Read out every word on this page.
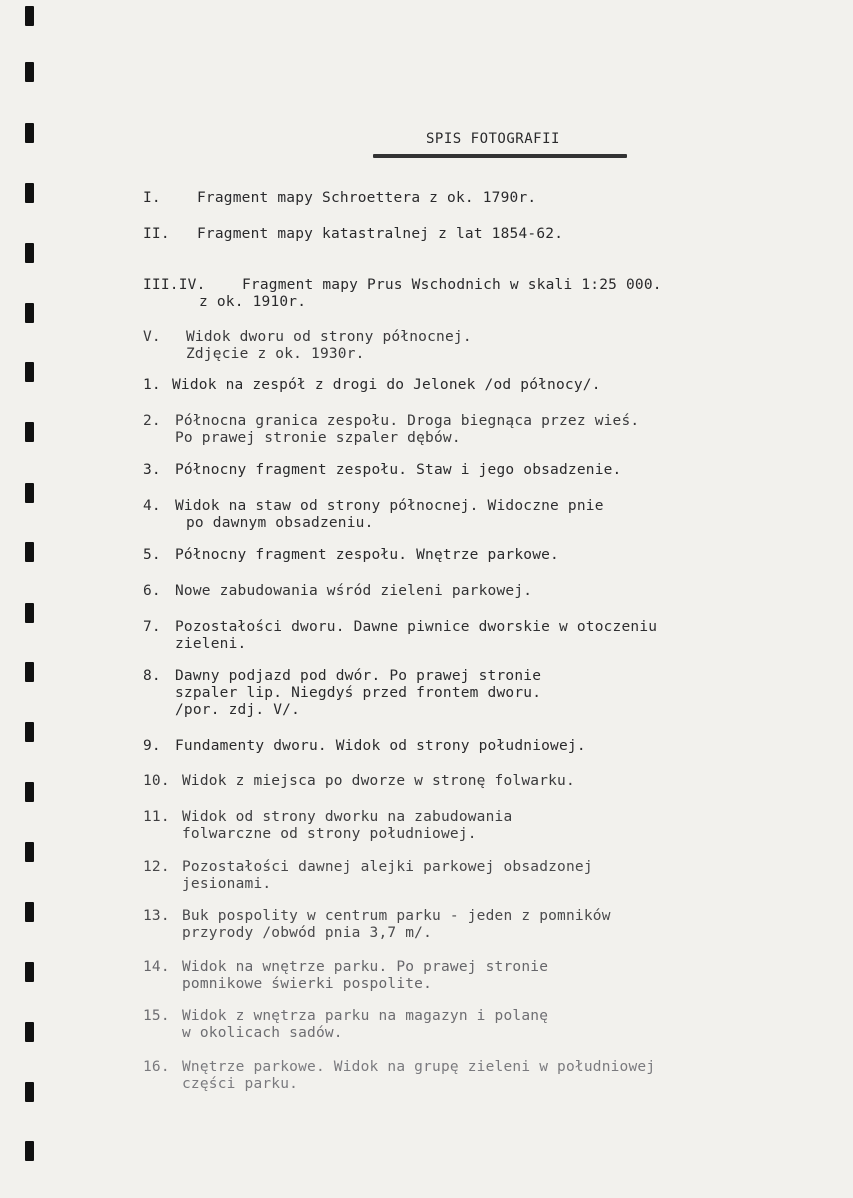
SPIS FOTOGRAFII
I. Fragment mapy Schroettera z ok. 1790r.
II. Fragment mapy katastralnej z lat 1854-62.
III.IV.	Fragment mapy Prus Wschodnich w skali 1:25 000.
z ok. 1910r.
V. Widok dworu od strony północnej.
Zdjęcie z ok. 1930r.
1. Widok na zespół z drogi do Jelonek /od północy/.
2. Północna granica zespołu. Droga biegnąca przez wieś.
Po prawej stronie szpaler dębów.
3. Północny fragment zespołu. Staw i jego obsadzenie.
4. Widok na staw od strony północnej. Widoczne pnie
po dawnym obsadzeniu.
5. Północny fragment zespołu. Wnętrze parkowe.
6. Nowe zabudowania wśród zieleni parkowej.
7. Pozostałości dworu. Dawne piwnice dworskie w otoczeniu
zieleni.
8. Dawny podjazd pod dwór. Po prawej stronie
szpaler lip. Niegdyś przed frontem dworu.
/por. zdj. V/.
9. Fundamenty dworu. Widok od strony południowej.
10. Widok z miejsca po dworze w stronę folwarku.
11. Widok od strony dworku na zabudowania
folwarczne od strony południowej.
12. Pozostałości dawnej alejki parkowej obsadzonej
jesionami.
13. Buk pospolity w centrum parku - jeden z pomników
przyrody /obwód pnia 3,7 m/.
14. Widok na wnętrze parku. Po prawej stronie
pomnikowe świerki pospolite.
15. Widok z wnętrza parku na magazyn i polanę
w okolicach sadów.
16. Wnętrze parkowe. Widok na grupę zieleni w południowej
części parku.
